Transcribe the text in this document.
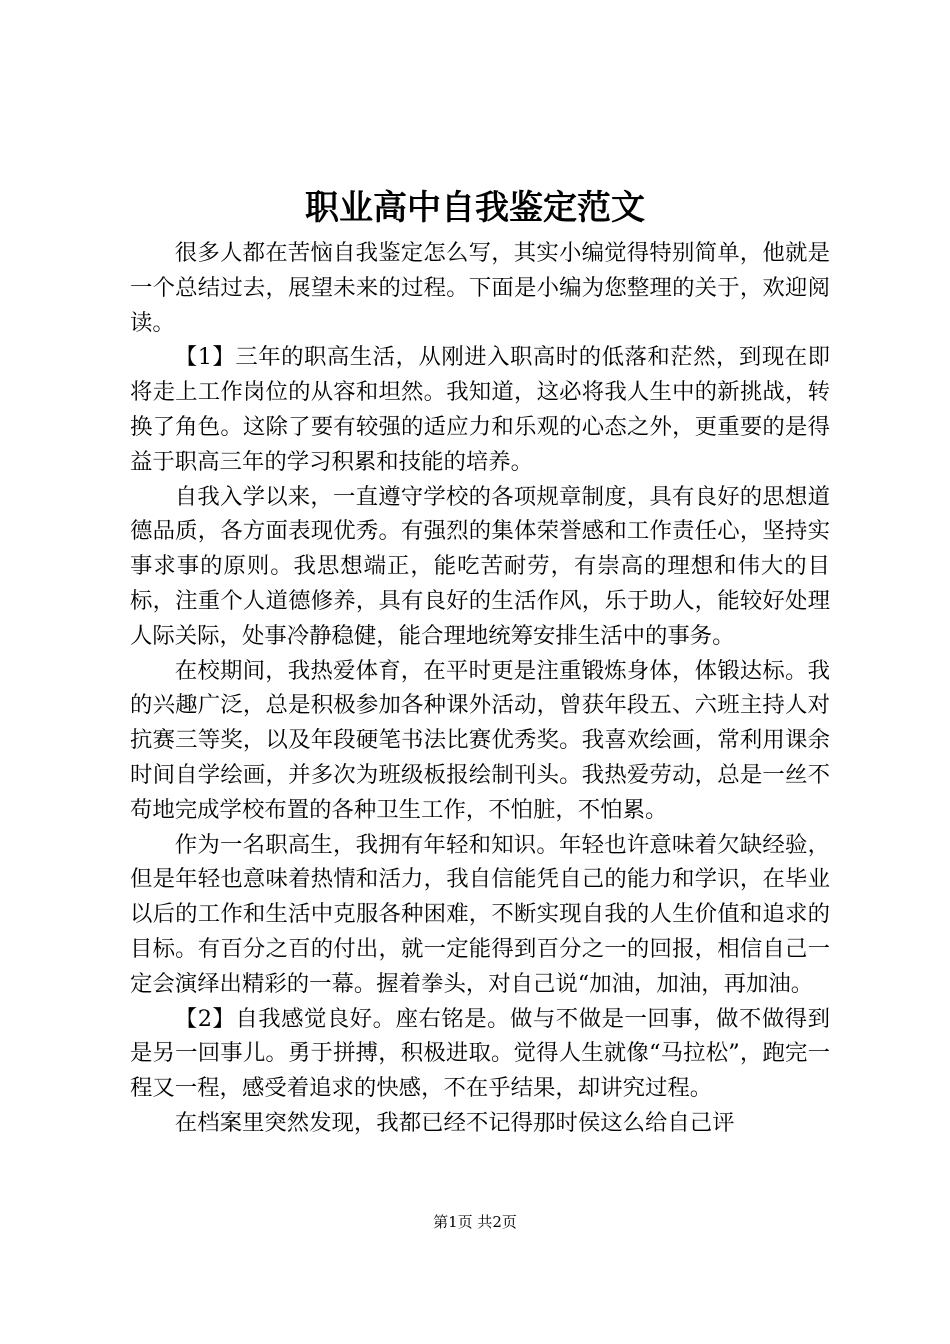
职业高中自我鉴定范文

很多人都在苦恼自我鉴定怎么写，其实小编觉得特别简单，他就是一个总结过去，展望未来的过程。下面是小编为您整理的关于，欢迎阅读。

【1】三年的职高生活，从刚进入职高时的低落和茫然，到现在即将走上工作岗位的从容和坦然。我知道，这必将我人生中的新挑战，转换了角色。这除了要有较强的适应力和乐观的心态之外，更重要的是得益于职高三年的学习积累和技能的培养。

自我入学以来，一直遵守学校的各项规章制度，具有良好的思想道德品质，各方面表现优秀。有强烈的集体荣誉感和工作责任心，坚持实事求事的原则。我思想端正，能吃苦耐劳，有崇高的理想和伟大的目标，注重个人道德修养，具有良好的生活作风，乐于助人，能较好处理人际关际，处事冷静稳健，能合理地统筹安排生活中的事务。

在校期间，我热爱体育，在平时更是注重锻炼身体，体锻达标。我的兴趣广泛，总是积极参加各种课外活动，曾获年段五、六班主持人对抗赛三等奖，以及年段硬笔书法比赛优秀奖。我喜欢绘画，常利用课余时间自学绘画，并多次为班级板报绘制刊头。我热爱劳动，总是一丝不苟地完成学校布置的各种卫生工作，不怕脏，不怕累。

作为一名职高生，我拥有年轻和知识。年轻也许意味着欠缺经验，但是年轻也意味着热情和活力，我自信能凭自己的能力和学识，在毕业以后的工作和生活中克服各种困难，不断实现自我的人生价值和追求的目标。有百分之百的付出，就一定能得到百分之一的回报，相信自己一定会演绎出精彩的一幕。握着拳头，对自己说“加油，加油，再加油。

【2】自我感觉良好。座右铭是。做与不做是一回事，做不做得到是另一回事儿。勇于拼搏，积极进取。觉得人生就像“马拉松”，跑完一程又一程，感受着追求的快感，不在乎结果，却讲究过程。

在档案里突然发现，我都已经不记得那时侯这么给自己评

第1页 共2页
